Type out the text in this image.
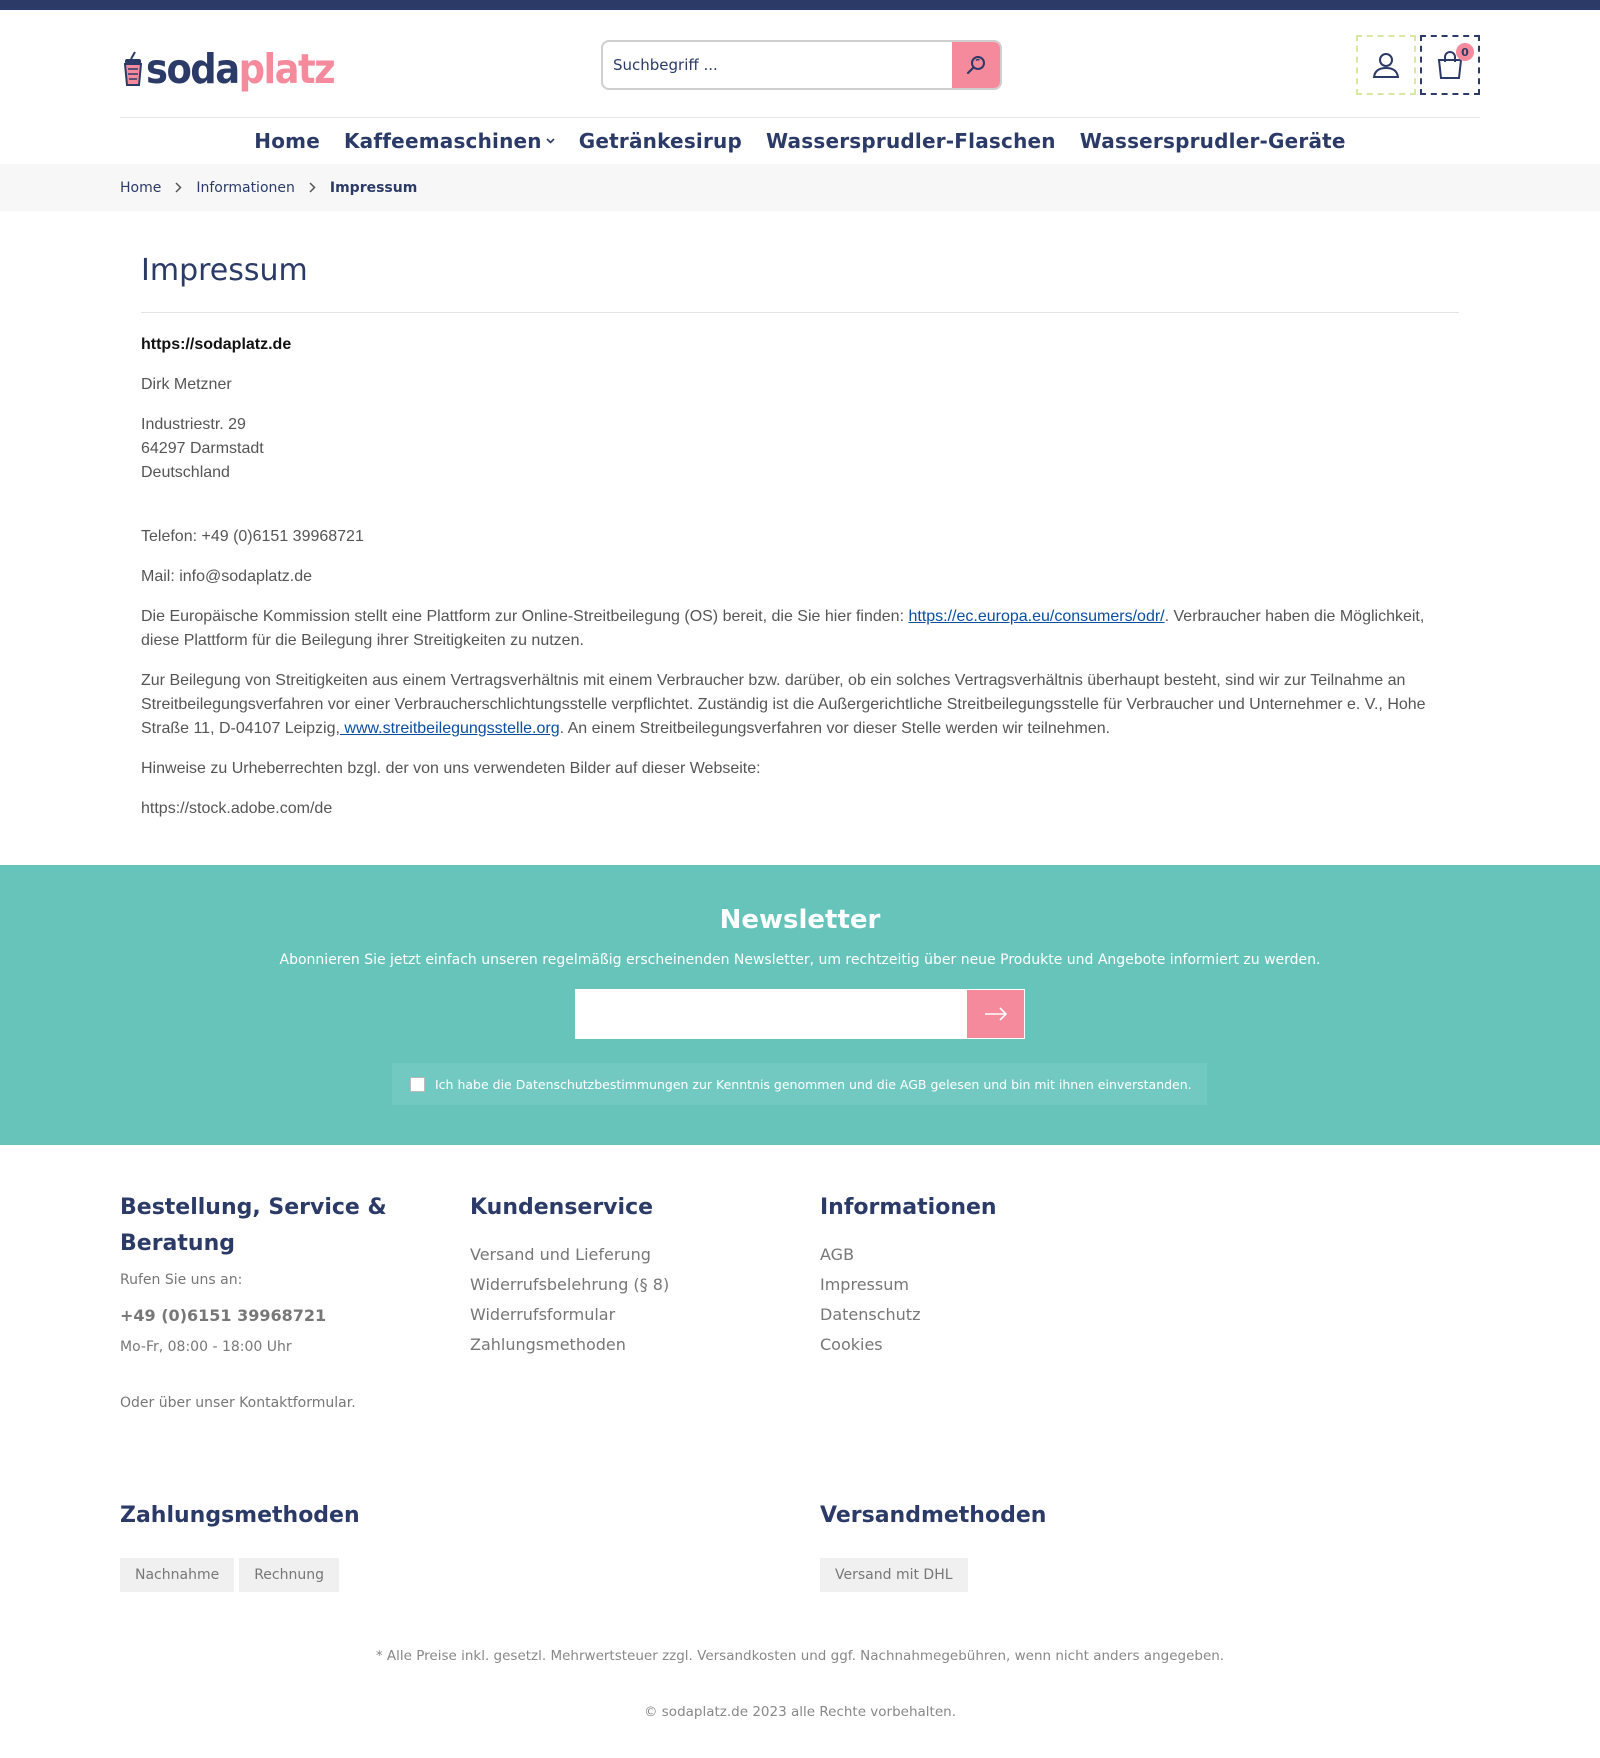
sodaplatz
Suchbegriff ...	0
Home Kaffeemaschinen Getränkesirup Wassersprudler-Flaschen Wassersprudler-Geräte
Home	Informationen	Impressum
Impressum

https://sodaplatz.de

Dirk Metzner

Industriestr. 29
64297 Darmstadt
Deutschland

Telefon: +49 (0)6151 39968721

Mail: info@sodaplatz.de

Die Europäische Kommission stellt eine Plattform zur Online-Streitbeilegung (OS) bereit, die Sie hier finden: https://ec.europa.eu/consumers/odr/. Verbraucher haben die Möglichkeit, diese Plattform für die Beilegung ihrer Streitigkeiten zu nutzen.

Zur Beilegung von Streitigkeiten aus einem Vertragsverhältnis mit einem Verbraucher bzw. darüber, ob ein solches Vertragsverhältnis überhaupt besteht, sind wir zur Teilnahme an Streitbeilegungsverfahren vor einer Verbraucherschlichtungsstelle verpflichtet. Zuständig ist die Außergerichtliche Streitbeilegungsstelle für Verbraucher und Unternehmer e. V., Hohe Straße 11, D-04107 Leipzig, www.streitbeilegungsstelle.org. An einem Streitbeilegungsverfahren vor dieser Stelle werden wir teilnehmen.

Hinweise zu Urheberrechten bzgl. der von uns verwendeten Bilder auf dieser Webseite:

https://stock.adobe.com/de

Newsletter

Abonnieren Sie jetzt einfach unseren regelmäßig erscheinenden Newsletter, um rechtzeitig über neue Produkte und Angebote informiert zu werden.

Ich habe die Datenschutzbestimmungen zur Kenntnis genommen und die AGB gelesen und bin mit ihnen einverstanden.
Bestellung, Service & Beratung

Rufen Sie uns an:

+49 (0)6151 39968721

Mo-Fr, 08:00 - 18:00 Uhr

Oder über unser Kontaktformular.

Kundenservice
Versand und Lieferung
Widerrufsbelehrung (§ 8)
Widerrufsformular
Zahlungsmethoden
Informationen
AGB
Impressum
Datenschutz
Cookies
Zahlungsmethoden
Nachnahme	Rechnung
Versandmethoden
Versand mit DHL

* Alle Preise inkl. gesetzl. Mehrwertsteuer zzgl. Versandkosten und ggf. Nachnahmegebühren, wenn nicht anders angegeben.

© sodaplatz.de 2023 alle Rechte vorbehalten.
